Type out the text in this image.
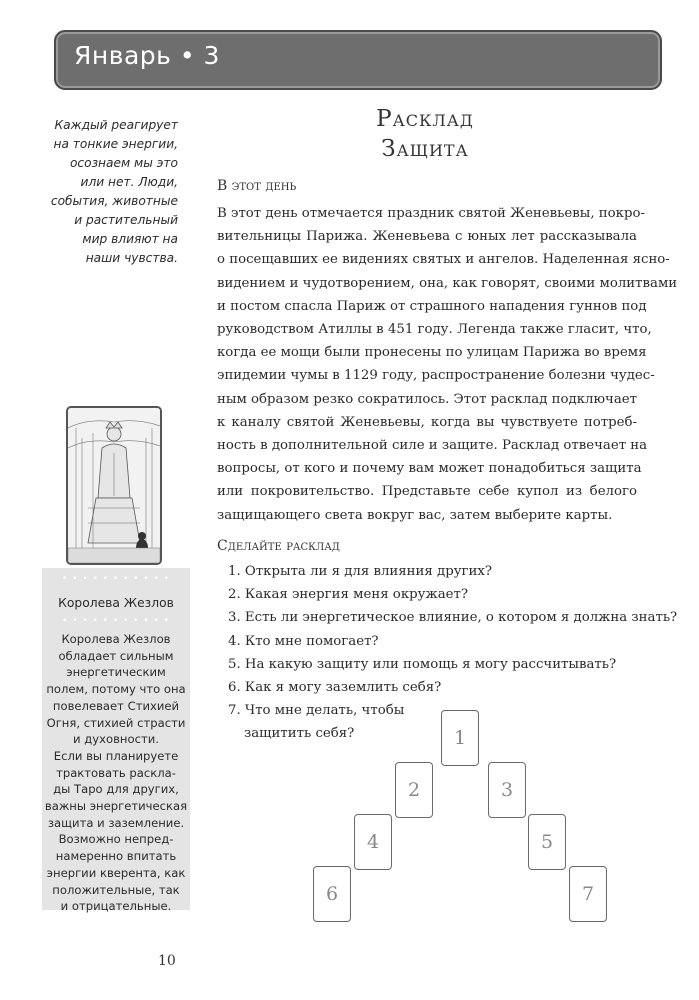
Январь • 3
Каждый реагирует
на тонкие энергии,
осознаем мы это
или нет. Люди,
события, животные
и растительный
мир влияют на
наши чувства.
• • • • • • • • • • •
Королева Жезлов
• • • • • • • • • • •
Королева Жезлов
обладает сильным
энергетическим
полем, потому что она
повелевает Стихией
Огня, стихией страсти
и духовности.
Если вы планируете
трактовать расклa-
ды Таро для других,
важны энергетическая
защита и заземление.
Возможно непред-
намеренно впитать
энергии кверента, как
положительные, так
и отрицательные.
Расклад
Защита
В этот день
В этот день отмечается праздник святой Женевьевы, покро-
вительницы Парижа. Женевьева с юных лет рассказывала
о посещавших ее видениях святых и ангелов. Наделенная ясно-
видением и чудотворением, она, как говорят, своими молитвами
и постом спасла Париж от страшного нападения гуннов под
руководством Атиллы в 451 году. Легенда также гласит, что,
когда ее мощи были пронесены по улицам Парижа во время
эпидемии чумы в 1129 году, распространение болезни чудес-
ным образом резко сократилось. Этот расклад подключает
к каналу святой Женевьевы, когда вы чувствуете потреб-
ность в дополнительной силе и защите. Расклад отвечает на
вопросы, от кого и почему вам может понадобиться защита
или покровительство. Представьте себе купол из белого
защищающего света вокруг вас, затем выберите карты.
Сделайте расклад
1. Открыта ли я для влияния других?
2. Какая энергия меня окружает?
3. Есть ли энергетическое влияние, о котором я должна знать?
4. Кто мне помогает?
5. На какую защиту или помощь я могу рассчитывать?
6. Как я могу заземлить себя?
7. Что мне делать, чтобы
защитить себя?	1
2	3
4	5
6	7
10
